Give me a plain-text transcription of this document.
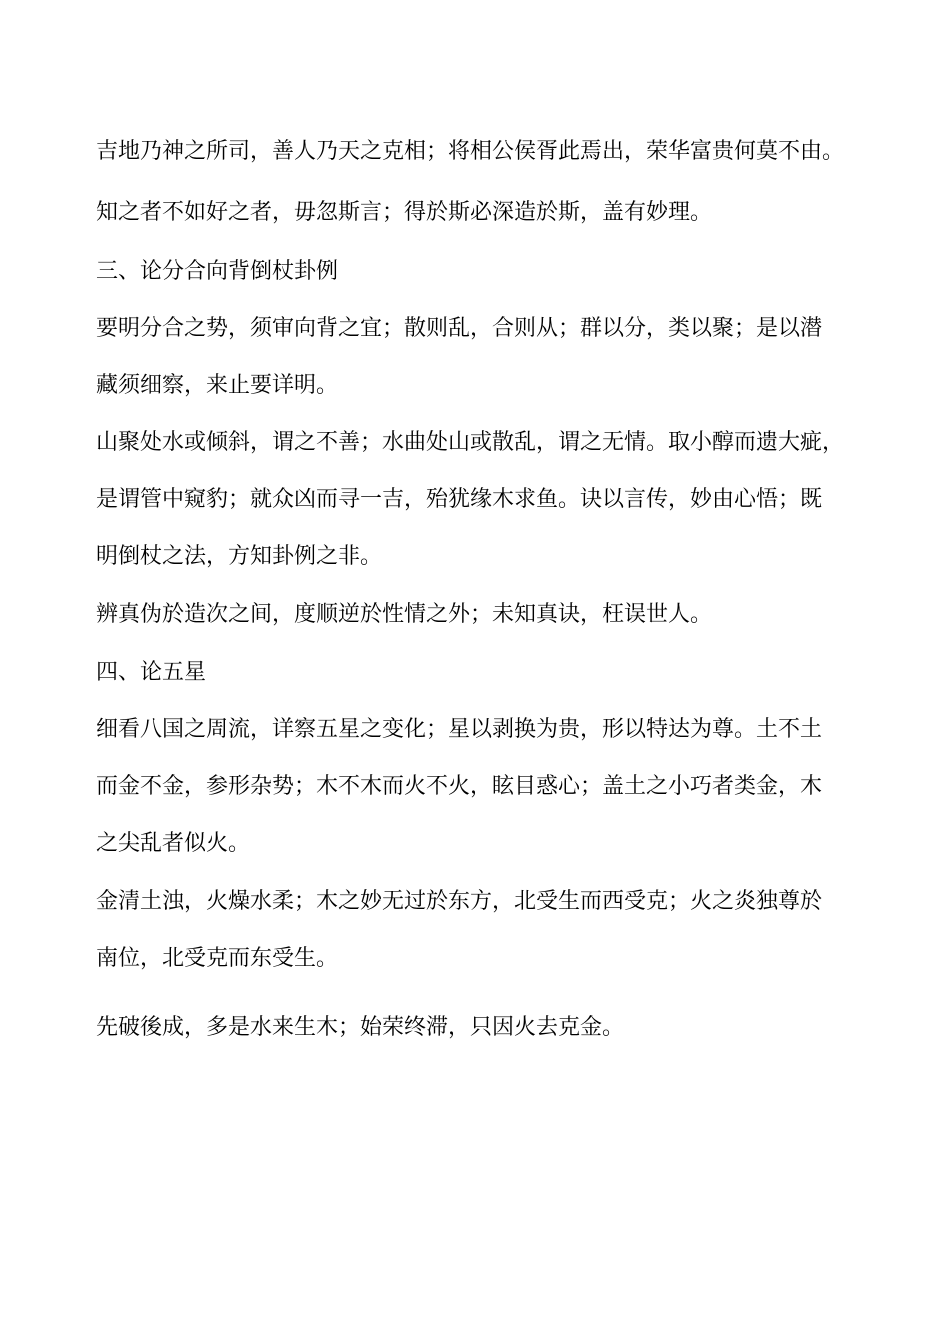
吉地乃神之所司，善人乃天之克相；将相公侯胥此焉出，荣华富贵何莫不由。
知之者不如好之者，毋忽斯言；得於斯必深造於斯，盖有妙理。
三、论分合向背倒杖卦例
要明分合之势，须审向背之宜；散则乱，合则从；群以分，类以聚；是以潜
藏须细察，来止要详明。
山聚处水或倾斜，谓之不善；水曲处山或散乱，谓之无情。取小醇而遗大疵，
是谓管中窥豹；就众凶而寻一吉，殆犹缘木求鱼。诀以言传，妙由心悟；既
明倒杖之法，方知卦例之非。
辨真伪於造次之间，度顺逆於性情之外；未知真诀，枉误世人。
四、论五星
细看八国之周流，详察五星之变化；星以剥换为贵，形以特达为尊。土不土
而金不金，参形杂势；木不木而火不火，眩目惑心；盖土之小巧者类金，木
之尖乱者似火。
金清土浊，火燥水柔；木之妙无过於东方，北受生而西受克；火之炎独尊於
南位，北受克而东受生。
先破後成，多是水来生木；始荣终滞，只因火去克金。
